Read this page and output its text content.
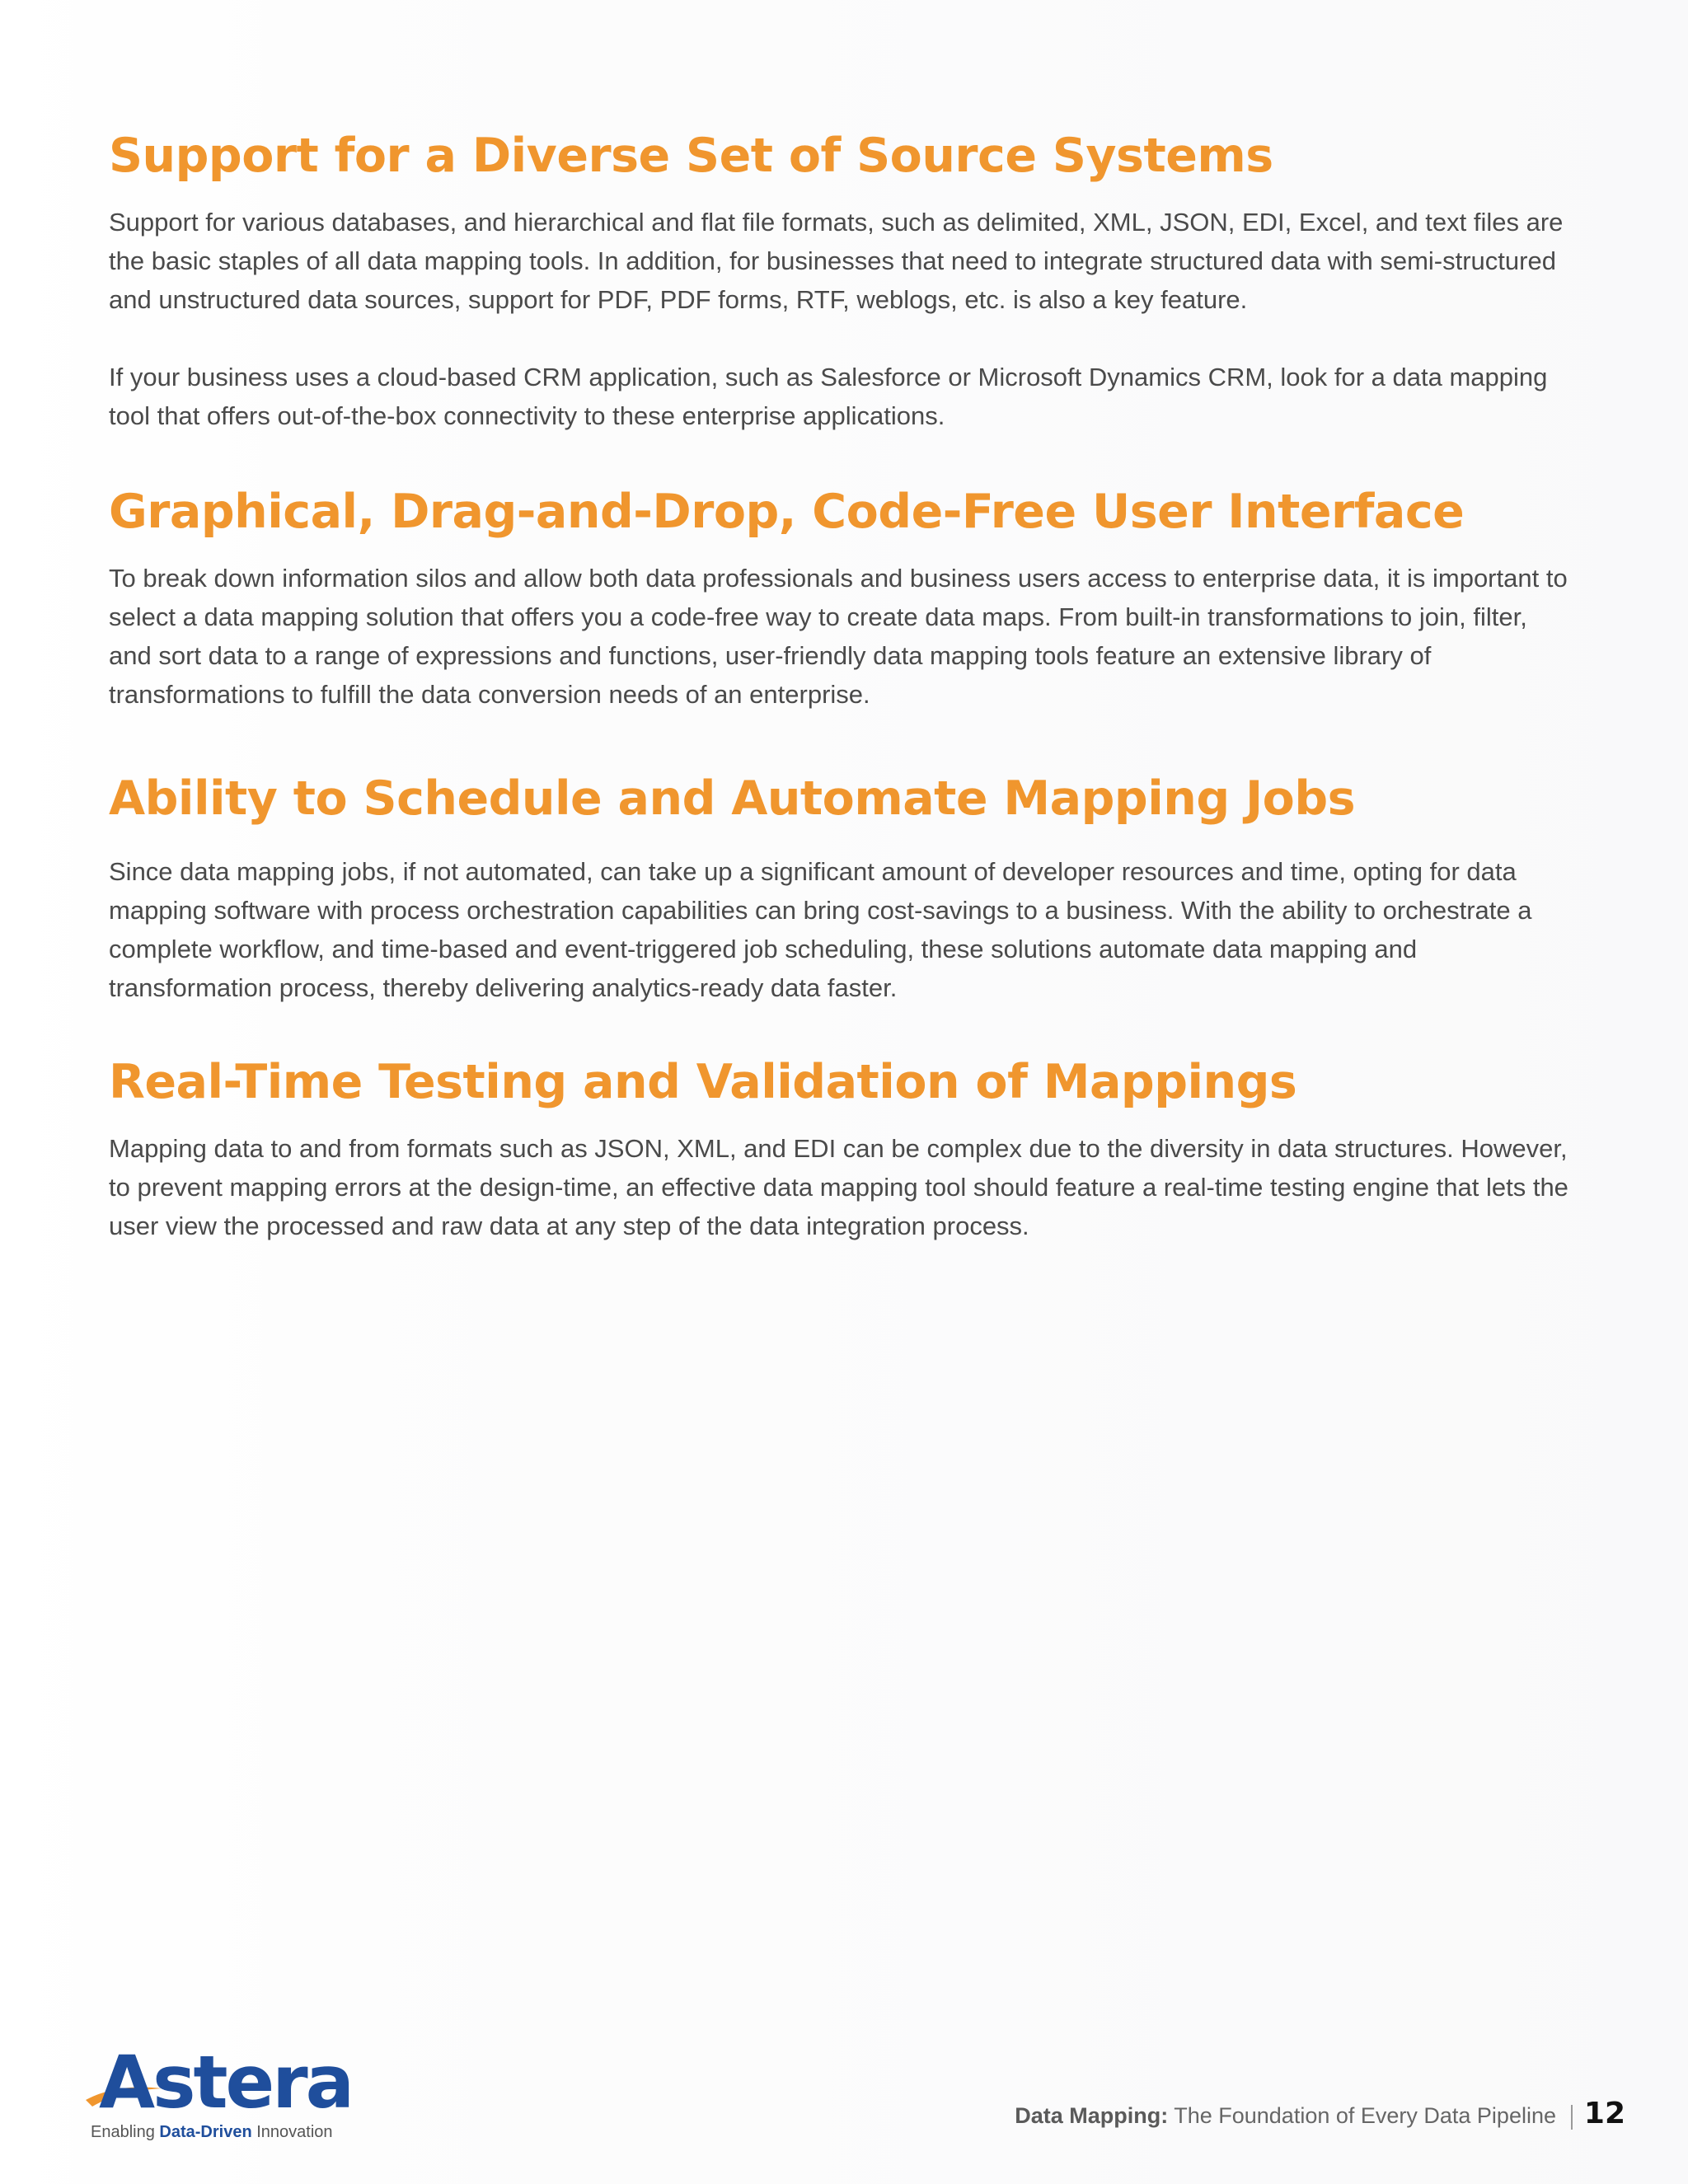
Support for a Diverse Set of Source Systems

Support for various databases, and hierarchical and flat file formats, such as delimited, XML, JSON, EDI, Excel, and text files are the basic staples of all data mapping tools. In addition, for businesses that need to integrate structured data with semi-structured and unstructured data sources, support for PDF, PDF forms, RTF, weblogs, etc. is also a key feature.

If your business uses a cloud-based CRM application, such as Salesforce or Microsoft Dynamics CRM, look for a data mapping tool that offers out-of-the-box connectivity to these enterprise applications.

Graphical, Drag-and-Drop, Code-Free User Interface

To break down information silos and allow both data professionals and business users access to enterprise data, it is important to select a data mapping solution that offers you a code-free way to create data maps. From built-in transformations to join, filter, and sort data to a range of expressions and functions, user-friendly data mapping tools feature an extensive library of transformations to fulfill the data conversion needs of an enterprise.

Ability to Schedule and Automate Mapping Jobs

Since data mapping jobs, if not automated, can take up a significant amount of developer resources and time, opting for data mapping software with process orchestration capabilities can bring cost-savings to a business. With the ability to orchestrate a complete workflow, and time-based and event-triggered job scheduling, these solutions automate data mapping and transformation process, thereby delivering analytics-ready data faster.

Real-Time Testing and Validation of Mappings

Mapping data to and from formats such as JSON, XML, and EDI can be complex due to the diversity in data structures. However, to prevent mapping errors at the design-time, an effective data mapping tool should feature a real-time testing engine that lets the user view the processed and raw data at any step of the data integration process.

Astera
Enabling Data-Driven Innovation
Data Mapping: The Foundation of Every Data Pipeline 12
